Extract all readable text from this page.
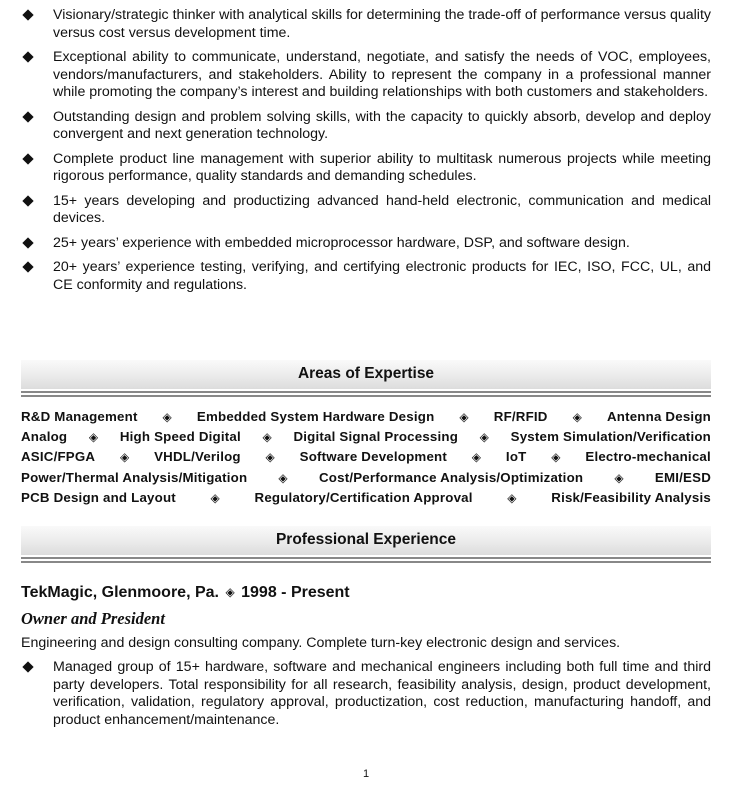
Visionary/strategic thinker with analytical skills for determining the trade-off of performance versus quality versus cost versus development time.
Exceptional ability to communicate, understand, negotiate, and satisfy the needs of VOC, employees, vendors/manufacturers, and stakeholders. Ability to represent the company in a professional manner while promoting the company’s interest and building relationships with both customers and stakeholders.
Outstanding design and problem solving skills, with the capacity to quickly absorb, develop and deploy convergent and next generation technology.
Complete product line management with superior ability to multitask numerous projects while meeting rigorous performance, quality standards and demanding schedules.
15+ years developing and productizing advanced hand-held electronic, communication and medical devices.
25+ years’ experience with embedded microprocessor hardware, DSP, and software design.
20+ years’ experience testing, verifying, and certifying electronic products for IEC, ISO, FCC, UL, and CE conformity and regulations.
Areas of Expertise
R&D Management ◈ Embedded System Hardware Design ◈ RF/RFID ◈ Antenna Design
Analog ◈ High Speed Digital ◈ Digital Signal Processing ◈ System Simulation/Verification
ASIC/FPGA ◈ VHDL/Verilog ◈ Software Development ◈ IoT ◈ Electro-mechanical
Power/Thermal Analysis/Mitigation	◈ Cost/Performance Analysis/Optimization	◈ EMI/ESD
PCB Design and Layout	◈	Regulatory/Certification Approval	◈	Risk/Feasibility Analysis
Professional Experience
TekMagic, Glenmoore, Pa. ◈ 1998 - Present
Owner and President
Engineering and design consulting company. Complete turn-key electronic design and services.
Managed group of 15+ hardware, software and mechanical engineers including both full time and third party developers. Total responsibility for all research, feasibility analysis, design, product development, verification, validation, regulatory approval, productization, cost reduction, manufacturing handoff, and product enhancement/maintenance.
1
